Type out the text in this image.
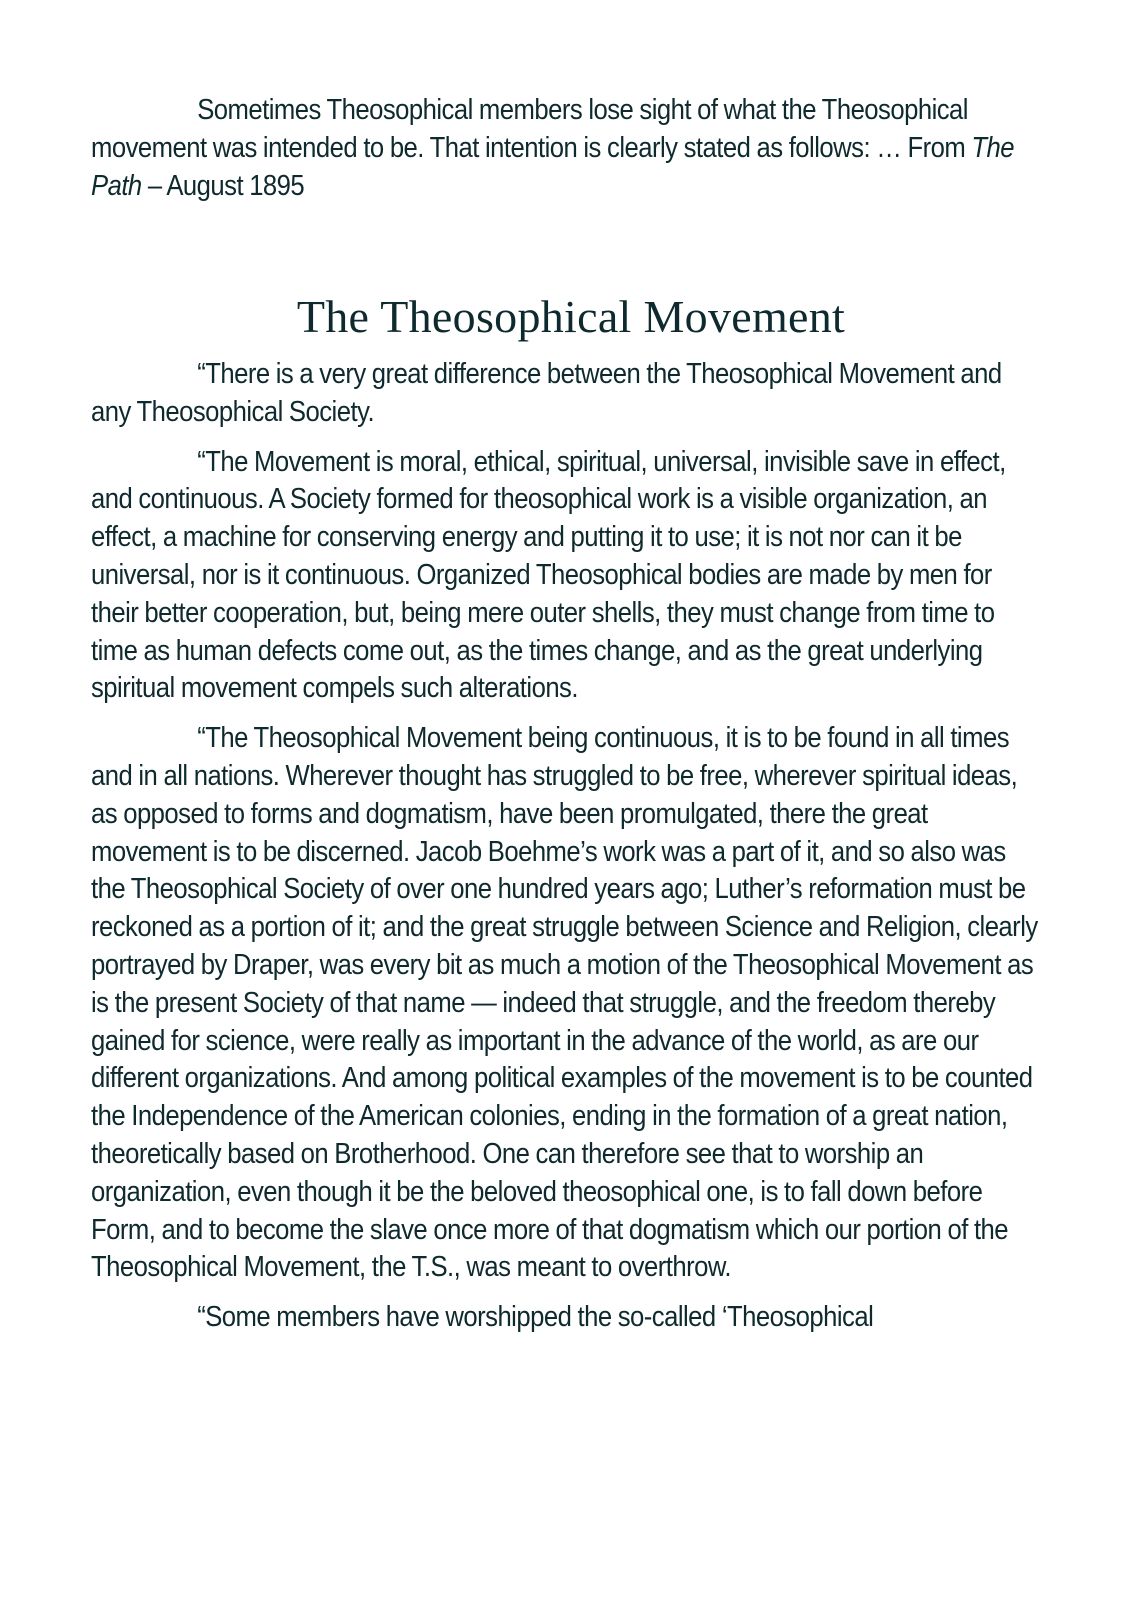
Sometimes Theosophical members lose sight of what the Theosophical movement was intended to be. That intention is clearly stated as follows: … From The Path – August 1895

The Theosophical Movement

“There is a very great difference between the Theosophical Movement and any Theosophical Society.

“The Movement is moral, ethical, spiritual, universal, invisible save in effect, and continuous. A Society formed for theosophical work is a visible organization, an effect, a machine for conserving energy and putting it to use; it is not nor can it be universal, nor is it continuous. Organized Theosophical bodies are made by men for their better cooperation, but, being mere outer shells, they must change from time to time as human defects come out, as the times change, and as the great underlying spiritual movement compels such alterations.

“The Theosophical Movement being continuous, it is to be found in all times and in all nations. Wherever thought has struggled to be free, wherever spiritual ideas, as opposed to forms and dogmatism, have been promulgated, there the great movement is to be discerned. Jacob Boehme’s work was a part of it, and so also was the Theosophical Society of over one hundred years ago; Luther’s reformation must be reckoned as a portion of it; and the great struggle between Science and Religion, clearly portrayed by Draper, was every bit as much a motion of the Theosophical Movement as is the present Society of that name — indeed that struggle, and the freedom thereby gained for science, were really as important in the advance of the world, as are our different organizations. And among political examples of the movement is to be counted the Independence of the American colonies, ending in the formation of a great nation, theoretically based on Brotherhood. One can therefore see that to worship an organization, even though it be the beloved theosophical one, is to fall down before Form, and to become the slave once more of that dogmatism which our portion of the Theosophical Movement, the T.S., was meant to overthrow.

“Some members have worshipped the so-called ‘Theosophical
